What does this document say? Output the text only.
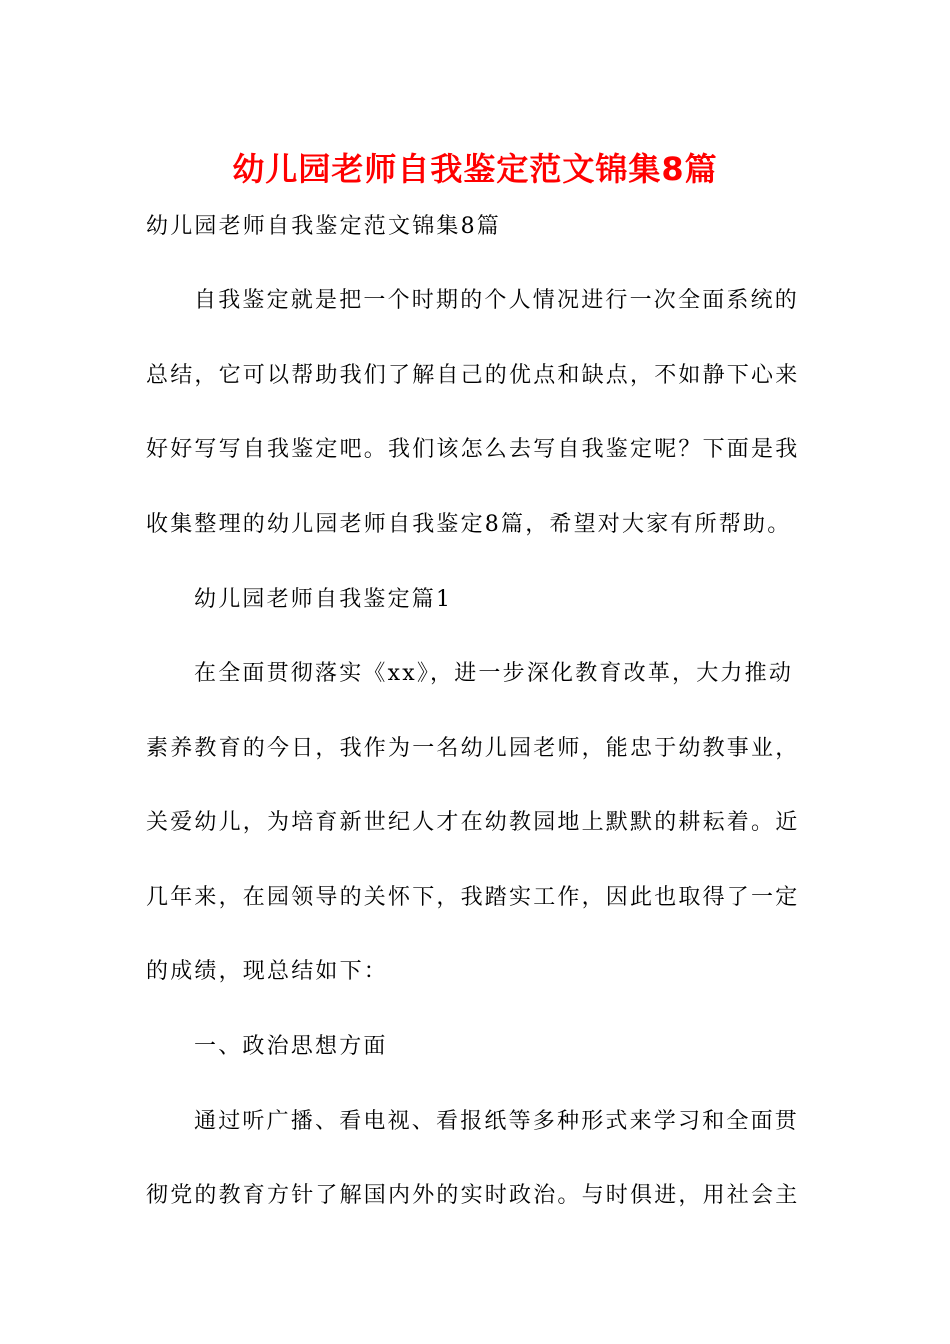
幼儿园老师自我鉴定范文锦集8篇
幼儿园老师自我鉴定范文锦集8篇
自我鉴定就是把一个时期的个人情况进行一次全面系统的
总结，它可以帮助我们了解自己的优点和缺点，不如静下心来
好好写写自我鉴定吧。我们该怎么去写自我鉴定呢？下面是我
收集整理的幼儿园老师自我鉴定8篇，希望对大家有所帮助。
幼儿园老师自我鉴定篇1
在全面贯彻落实《xx》，进一步深化教育改革，大力推动
素养教育的今日，我作为一名幼儿园老师，能忠于幼教事业，
关爱幼儿，为培育新世纪人才在幼教园地上默默的耕耘着。近
几年来，在园领导的关怀下，我踏实工作，因此也取得了一定
的成绩，现总结如下：
一、政治思想方面
通过听广播、看电视、看报纸等多种形式来学习和全面贯
彻党的教育方针了解国内外的实时政治。与时俱进，用社会主
